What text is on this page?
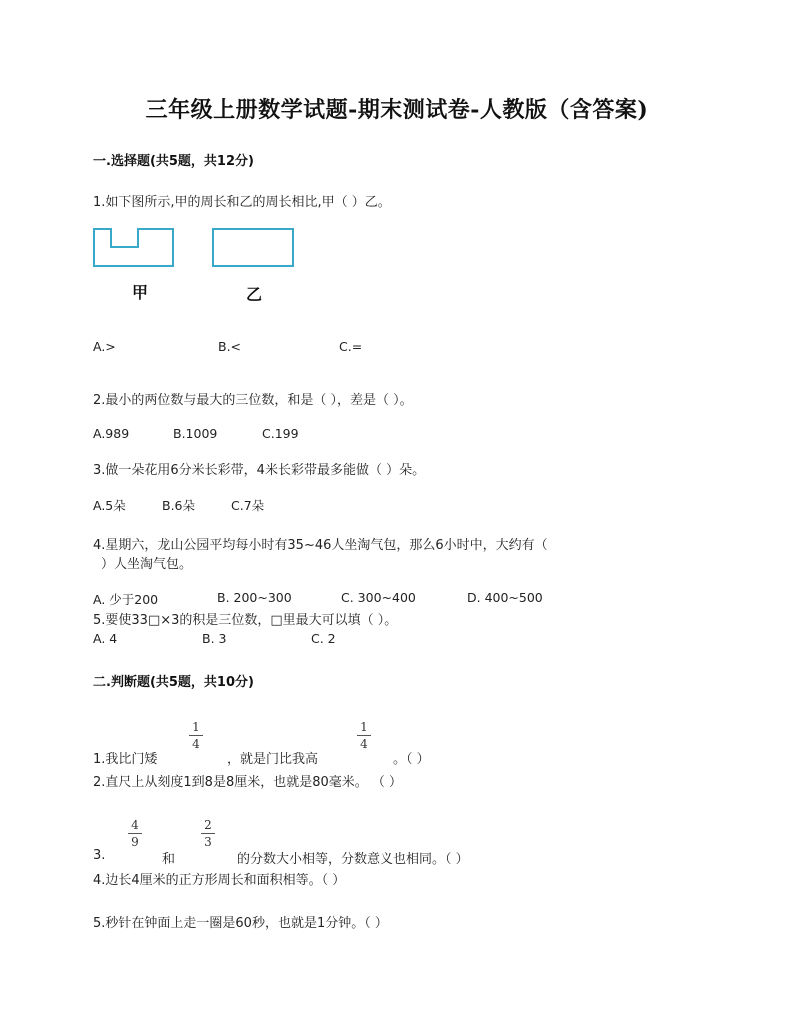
三年级上册数学试题-期末测试卷-人教版（含答案)
一.选择题(共5题，共12分)
1.如下图所示,甲的周长和乙的周长相比,甲（ ）乙。
甲	乙
A.>	B.<	C.=
2.最小的两位数与最大的三位数，和是（ ），差是（ ）。
A.989	B.1009	C.199
3.做一朵花用6分米长彩带，4米长彩带最多能做（ ）朵。
A.5朵	B.6朵	C.7朵
4.星期六，龙山公园平均每小时有35~46人坐淘气包，那么6小时中，大约有（
）人坐淘气包。
A. 少于200	B. 200~300	C. 300~400	D. 400~500
5.要使33□×3的积是三位数，□里最大可以填（ ）。
A. 4	B. 3	C. 2
二.判断题(共5题，共10分)
1
4
1
4
1.我比门矮	，就是门比我高	。（ ）
2.直尺上从刻度1到8是8厘米，也就是80毫米。 （ ）
4
9
2
3
3.	和	的分数大小相等，分数意义也相同。（ ）
4.边长4厘米的正方形周长和面积相等。（ ）
5.秒针在钟面上走一圈是60秒，也就是1分钟。（ ）
